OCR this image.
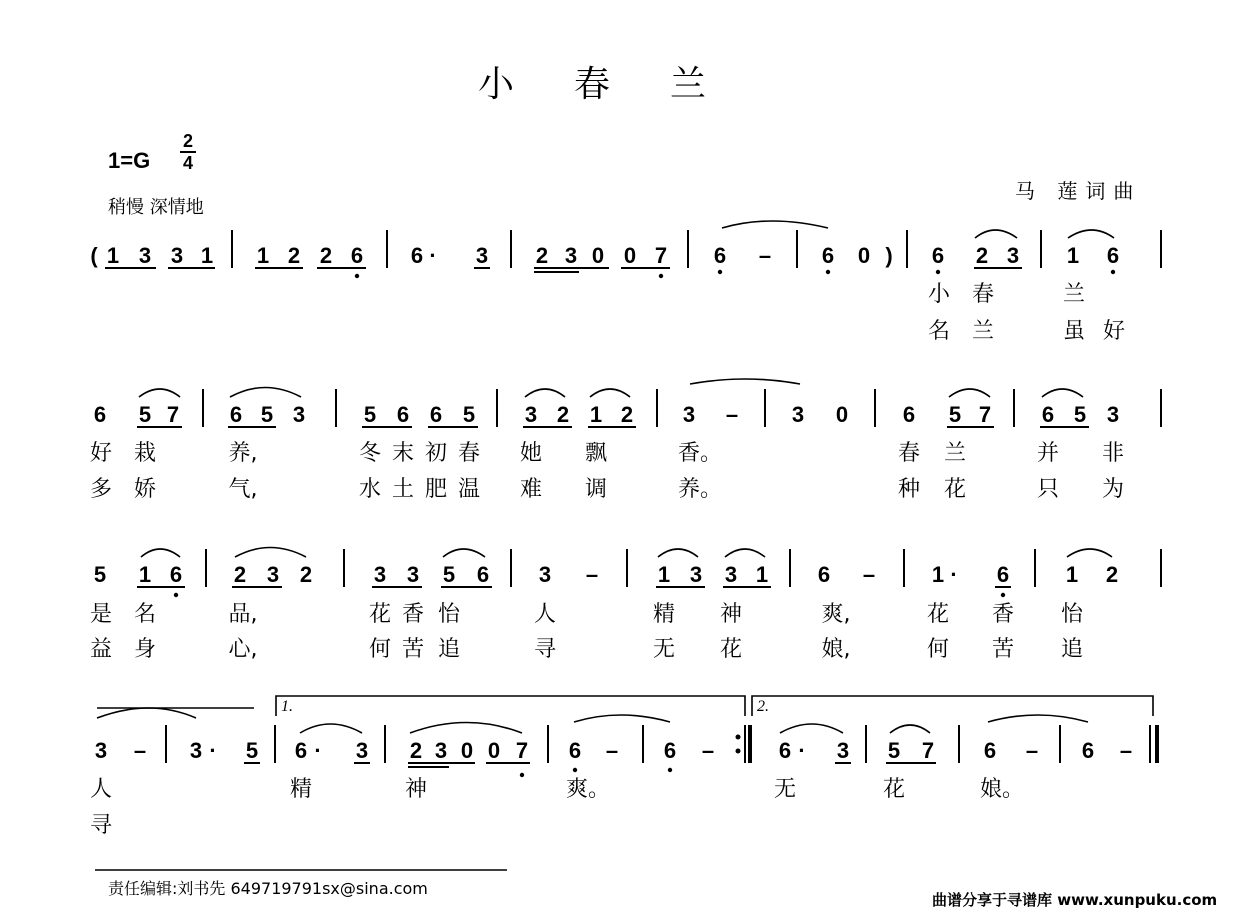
小春兰
1=G
2
4
稍慢 深情地
马 莲词曲
( 1 3 3 1 1 2 2 6 6 · 3 2 3 0 0 7 6 – 6 0 ) 6 2 3 1 6
小 春	兰
名 兰	虽 好
6 5 7 6 5 3	5 6 6 5 3 2 1 2 3 – 3 0 6 5 7 6 5 3
好 栽	养,	冬 末 初 春 她 飘	香。	春 兰	并 非
多 娇	气,	水 土 肥 温 难 调	养。	种 花	只 为
5 1 6 2 3 2	3 3 5 6 3 –	1 3 3 1 6 –	1 · 6	1 2
是 名	品,	花 香 怡	人	精 神	爽,	花 香 怡
益 身	心,	何 苦 追	寻	无 花	娘,	何 苦 追
3 – 3 · 5 6 · 3 2 3 0 0 7 6 – 6 –	6 · 3 5 7 6 – 6 –
人	精	神	爽。	无	花	娘。
寻
1.	2.
责任编辑:刘书先 649719791sx@sina.com
曲谱分享于寻谱库 www.xunpuku.com
